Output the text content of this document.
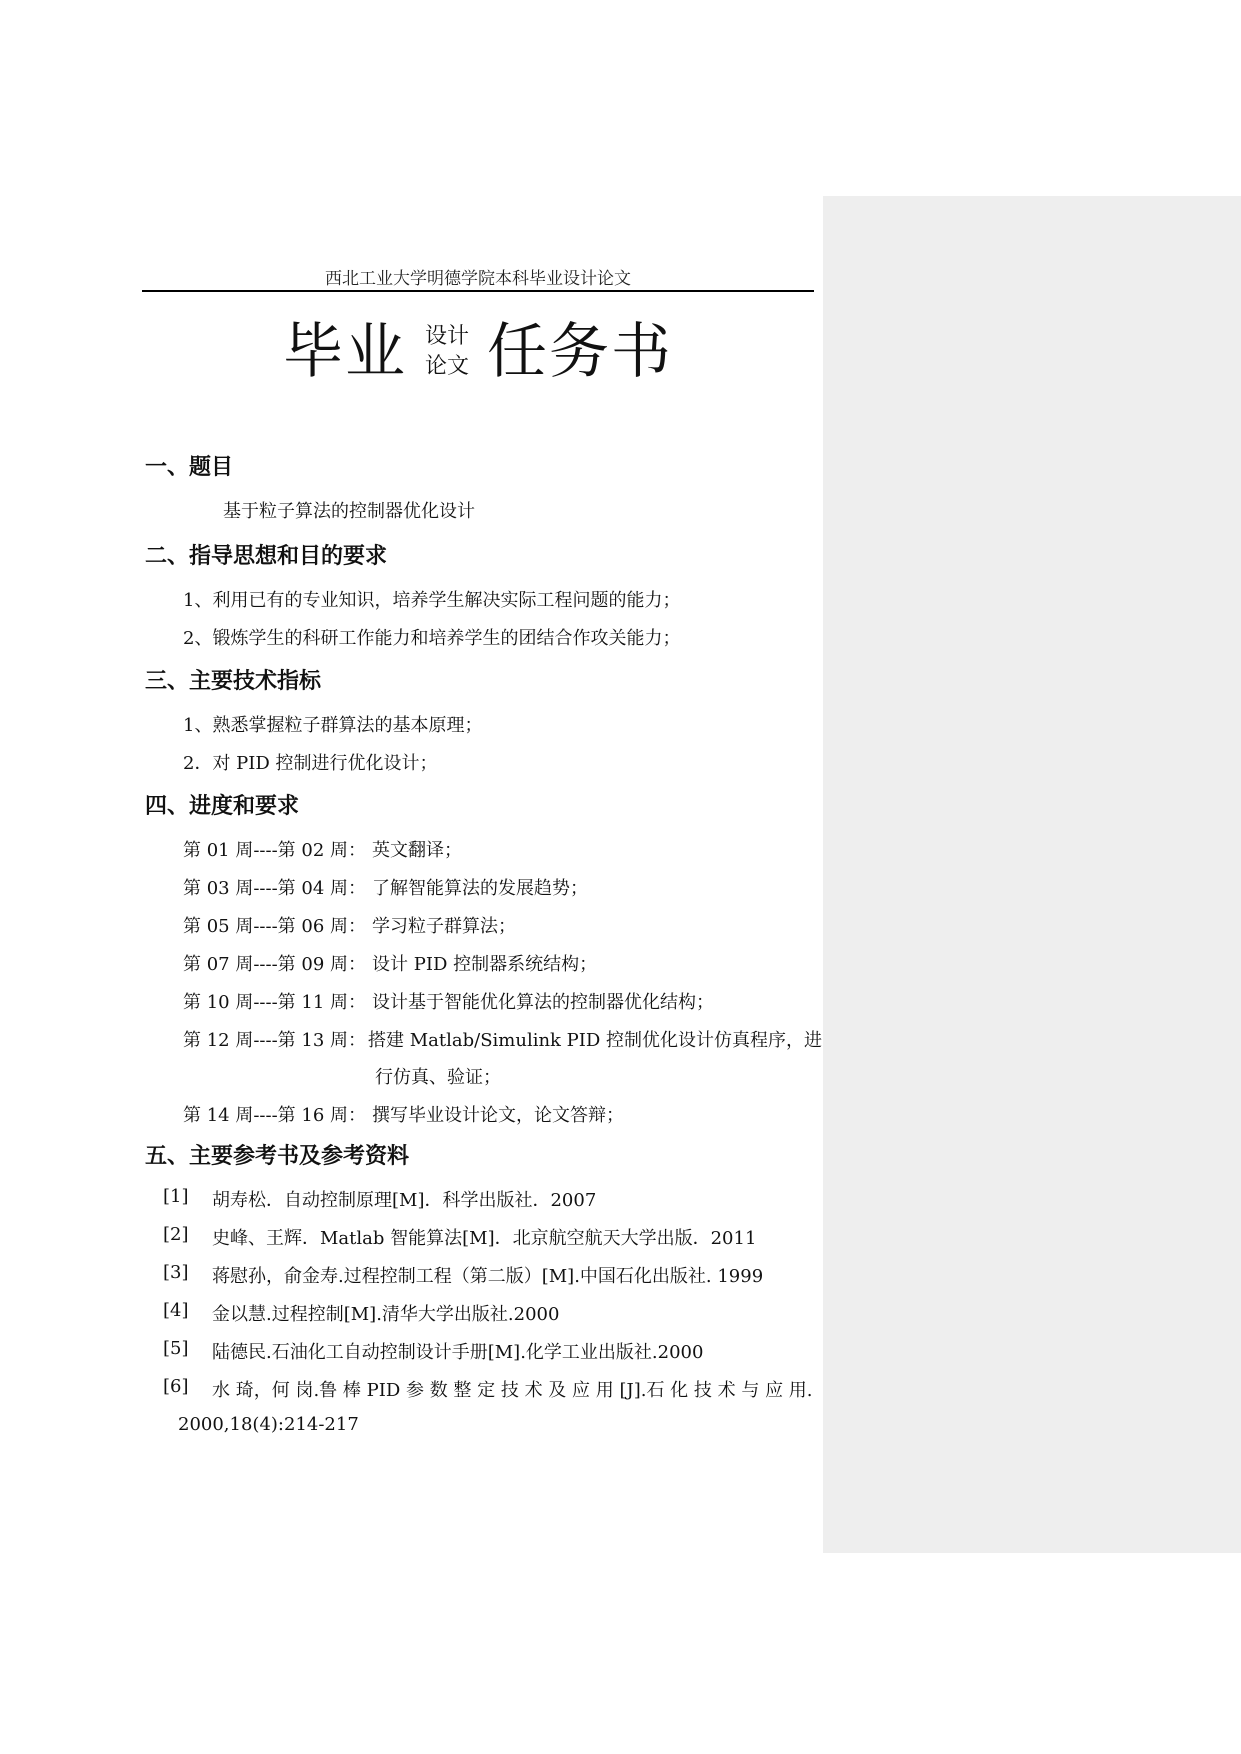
西北工业大学明德学院本科毕业设计论文
毕业 设计
论文 任务书
一、题目
基于粒子算法的控制器优化设计
二、指导思想和目的要求
1、利用已有的专业知识，培养学生解决实际工程问题的能力；
2、锻炼学生的科研工作能力和培养学生的团结合作攻关能力；
三、主要技术指标
1、熟悉掌握粒子群算法的基本原理；
2．对 PID 控制进行优化设计；
四、进度和要求
第 01 周----第 02 周： 英文翻译；
第 03 周----第 04 周： 了解智能算法的发展趋势；
第 05 周----第 06 周： 学习粒子群算法；
第 07 周----第 09 周： 设计 PID 控制器系统结构；
第 10 周----第 11 周： 设计基于智能优化算法的控制器优化结构；
第 12 周----第 13 周： 搭建 Matlab/Simulink PID 控制优化设计仿真程序，进
行仿真、验证；
第 14 周----第 16 周： 撰写毕业设计论文，论文答辩；
五、主要参考书及参考资料
[1] 胡寿松．自动控制原理[M]．科学出版社．2007
[2] 史峰、王辉．Matlab 智能算法[M]．北京航空航天大学出版．2011
[3] 蒋慰孙，俞金寿.过程控制工程（第二版）[M].中国石化出版社. 1999
[4] 金以慧.过程控制[M].清华大学出版社.2000
[5] 陆德民.石油化工自动控制设计手册[M].化学工业出版社.2000
[6] 水 琦，何 岗.鲁 棒 PID 参 数 整 定 技 术 及 应 用 [J].石 化 技 术 与 应 用.
2000,18(4):214-217
